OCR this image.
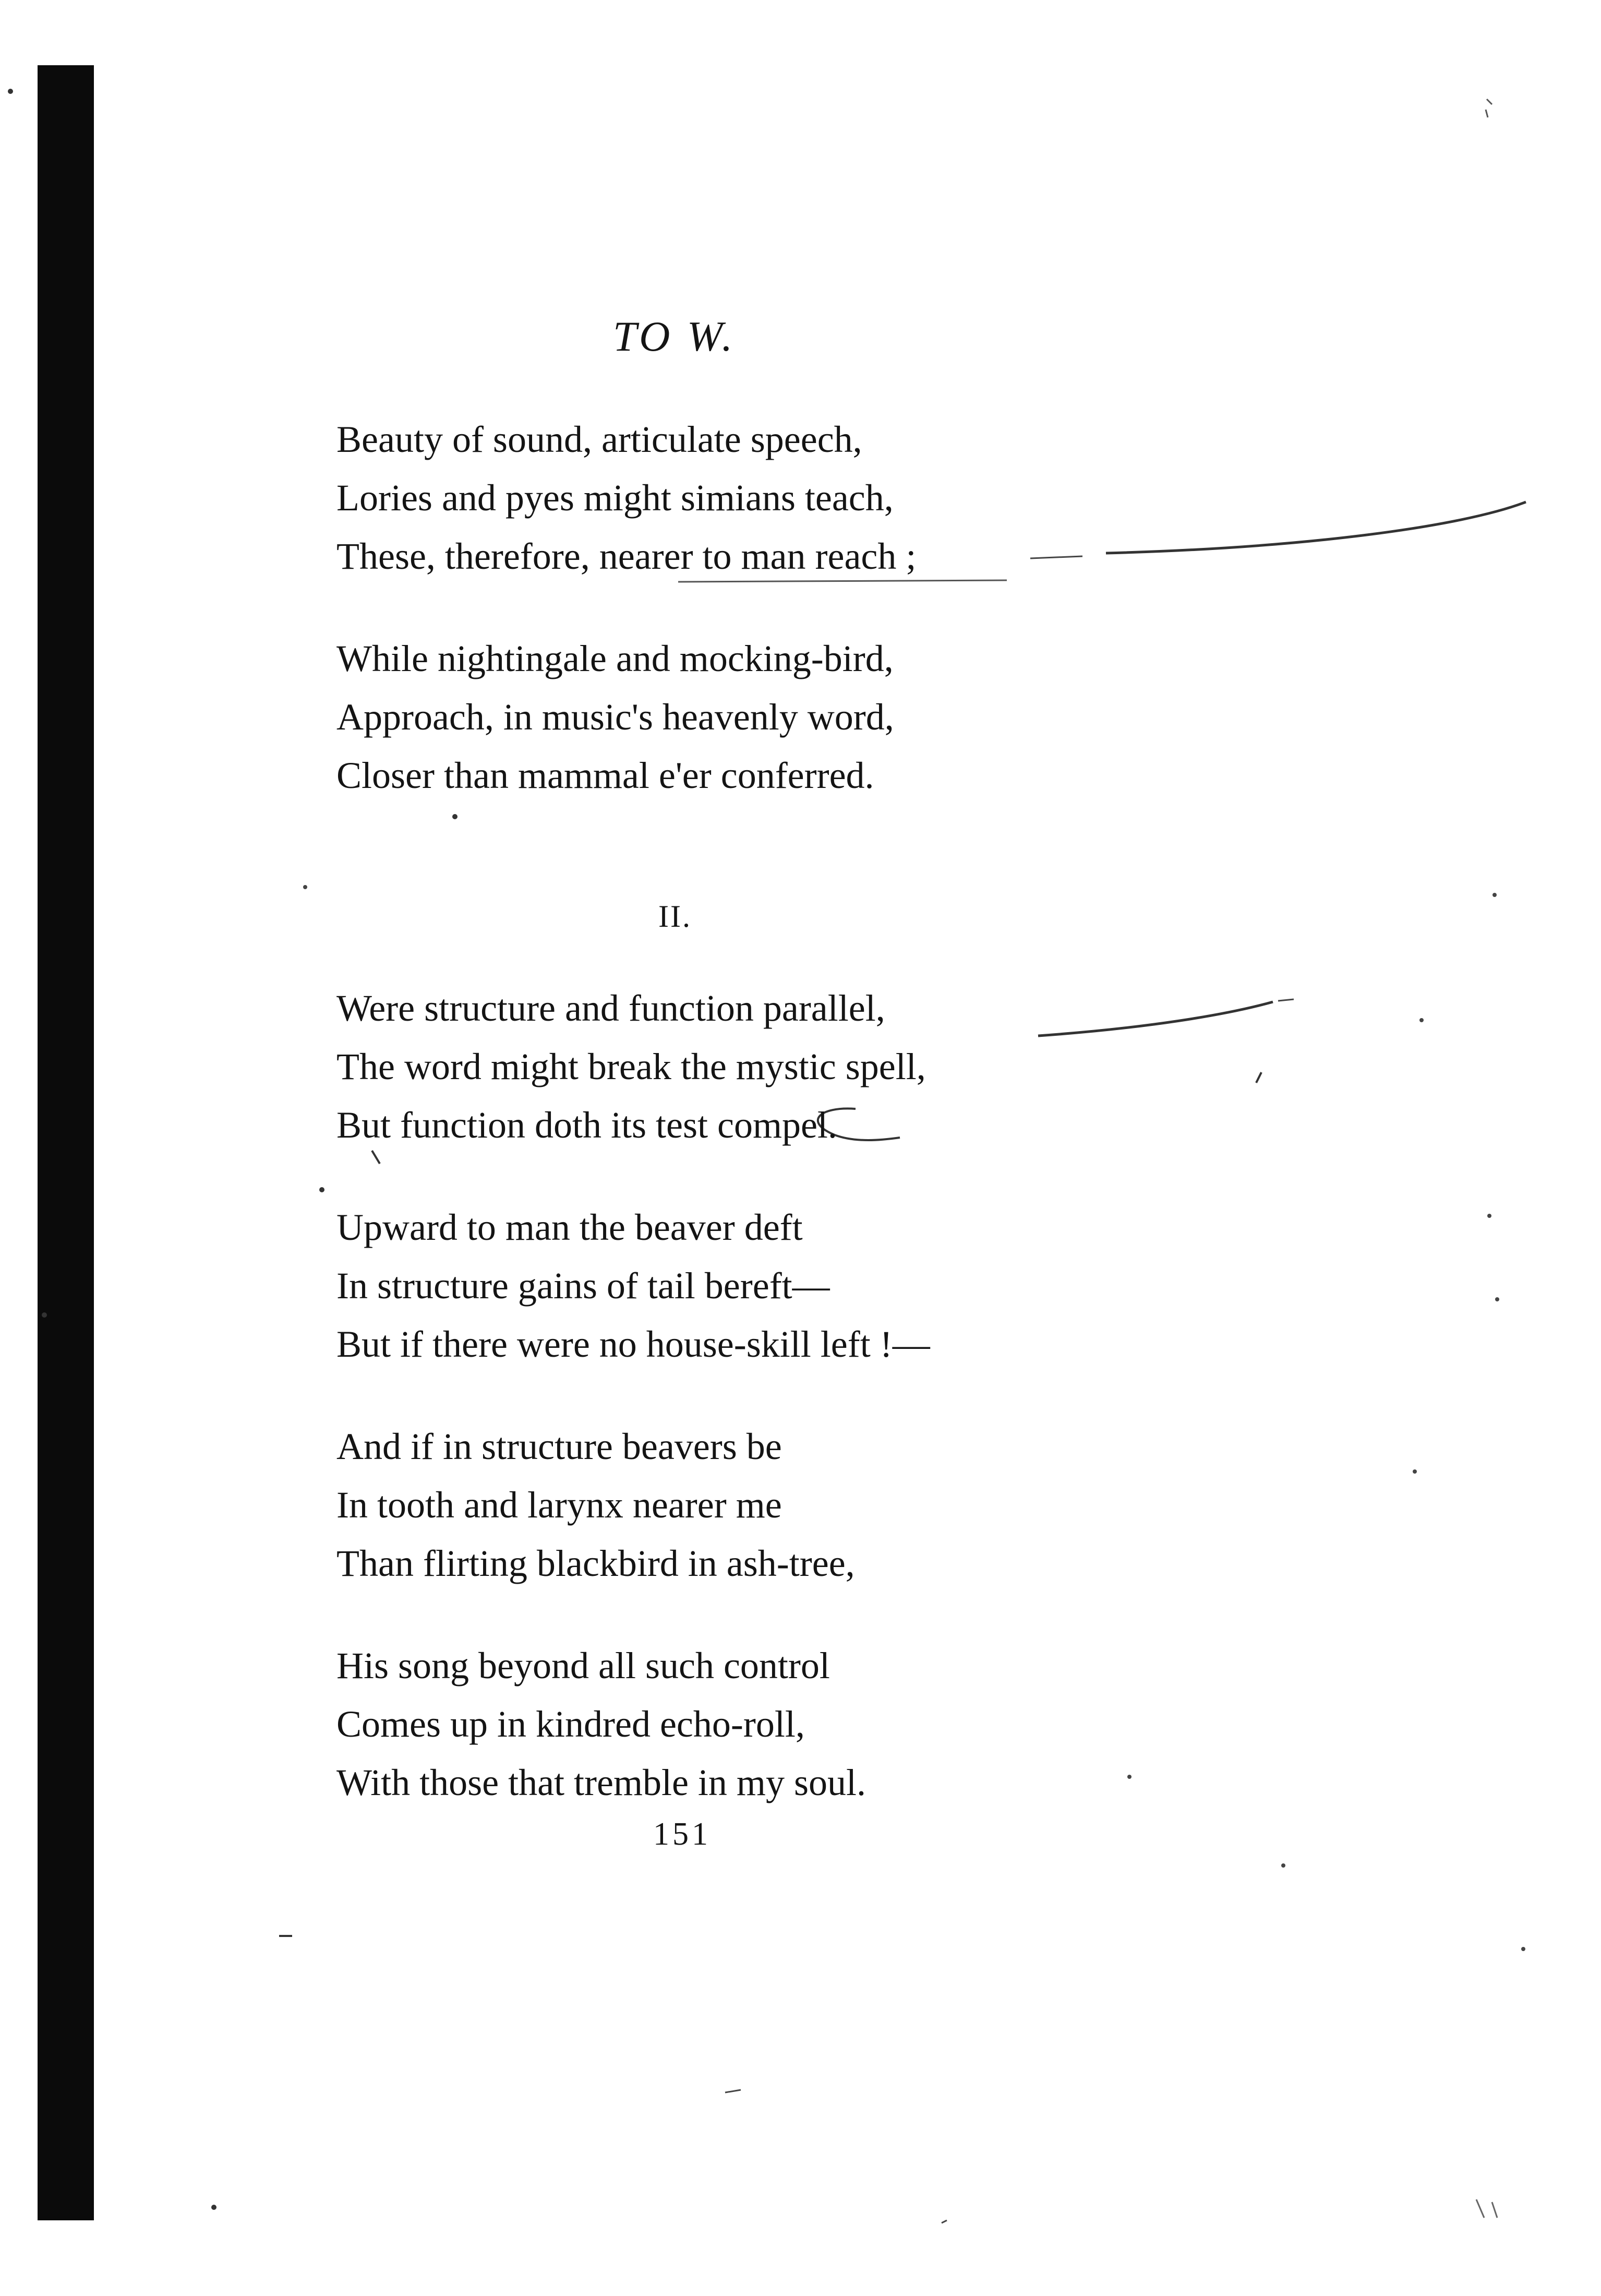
TO W.
Beauty of sound, articulate speech,
Lories and pyes might simians teach,
These, therefore, nearer to man reach ;
While nightingale and mocking-bird,
Approach, in music's heavenly word,
Closer than mammal e'er conferred.
II.
Were structure and function parallel,
The word might break the mystic spell,
But function doth its test compel.
Upward to man the beaver deft
In structure gains of tail bereft—
But if there were no house-skill left !—
And if in structure beavers be
In tooth and larynx nearer me
Than flirting blackbird in ash-tree,
His song beyond all such control
Comes up in kindred echo-roll,
With those that tremble in my soul.
151
